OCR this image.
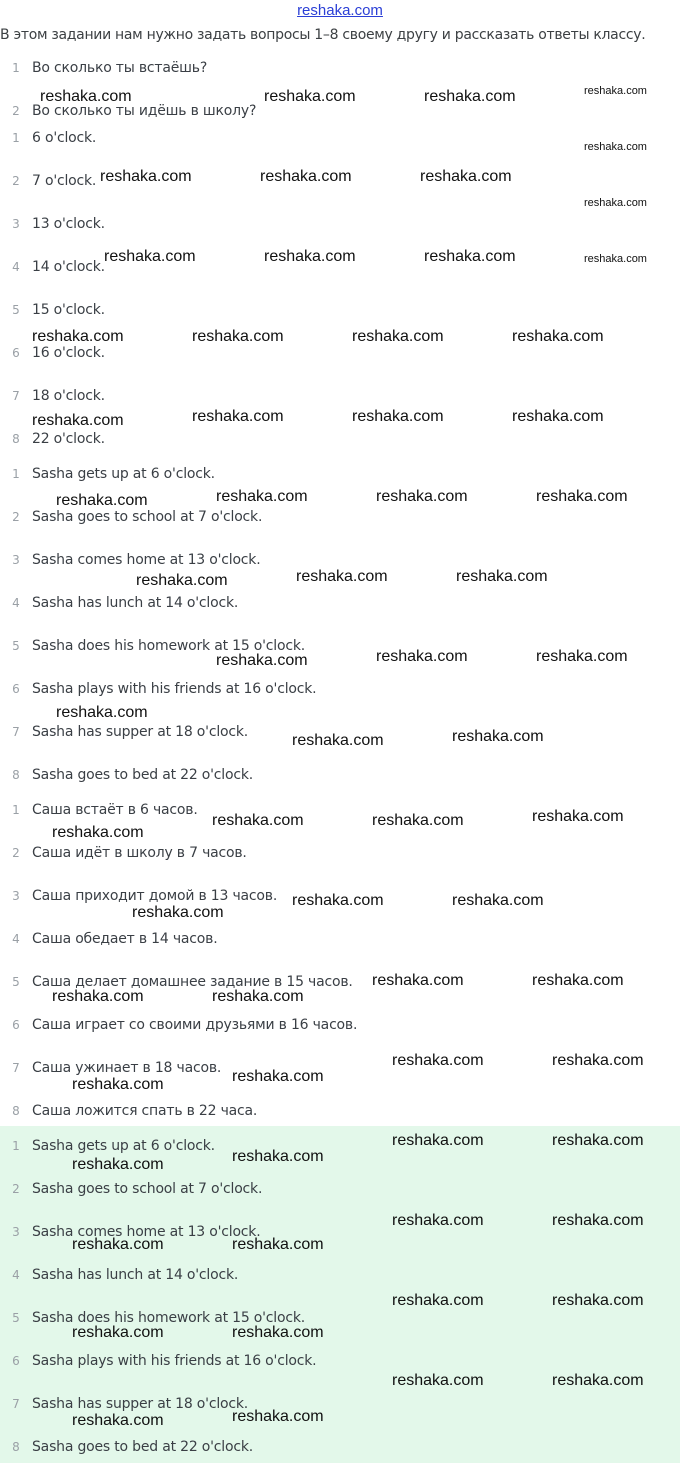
reshaka.com
В этом задании нам нужно задать вопросы 1–8 своему другу и рассказать ответы классу.
1 Во сколько ты встаёшь?
2 Во сколько ты идёшь в школу?
1 6 o'clock.
2 7 o'clock.
3 13 o'clock.
4 14 o'clock.
5 15 o'clock.
6 16 o'clock.
7 18 o'clock.
8 22 o'clock.
1 Sasha gets up at 6 o'clock.
2 Sasha goes to school at 7 o'clock.
3 Sasha comes home at 13 o'clock.
4 Sasha has lunch at 14 o'clock.
5 Sasha does his homework at 15 o'clock.
6 Sasha plays with his friends at 16 o'clock.
7 Sasha has supper at 18 o'clock.
8 Sasha goes to bed at 22 o'clock.
1 Саша встаёт в 6 часов.
2 Саша идёт в школу в 7 часов.
3 Саша приходит домой в 13 часов.
4 Саша обедает в 14 часов.
5 Саша делает домашнее задание в 15 часов.
6 Саша играет со своими друзьями в 16 часов.
7 Саша ужинает в 18 часов.
8 Саша ложится спать в 22 часа.
1 Sasha gets up at 6 o'clock.
2 Sasha goes to school at 7 o'clock.
3 Sasha comes home at 13 o'clock.
4 Sasha has lunch at 14 o'clock.
5 Sasha does his homework at 15 o'clock.
6 Sasha plays with his friends at 16 o'clock.
7 Sasha has supper at 18 o'clock.
8 Sasha goes to bed at 22 o'clock.
reshaka.com	reshaka.com	reshaka.com
reshaka.com	reshaka.com	reshaka.com
reshaka.com	reshaka.com	reshaka.com
reshaka.com	reshaka.com	reshaka.com	reshaka.com
reshaka.com	reshaka.com	reshaka.com	reshaka.com
reshaka.com	reshaka.com	reshaka.com	reshaka.com
reshaka.com	reshaka.com	reshaka.com
reshaka.com	reshaka.com	reshaka.com
reshaka.com
reshaka.com	reshaka.com
reshaka.com
reshaka.com	reshaka.com	reshaka.com
reshaka.com
reshaka.com	reshaka.com
reshaka.com	reshaka.com
reshaka.com	reshaka.com
reshaka.com	reshaka.com
reshaka.com	reshaka.com
reshaka.com	reshaka.com
reshaka.com	reshaka.com
reshaka.com	reshaka.com
reshaka.com	reshaka.com
reshaka.com	reshaka.com
reshaka.com	reshaka.com
reshaka.com	reshaka.com
reshaka.com	reshaka.com
reshaka.com
reshaka.com
reshaka.com
reshaka.com
